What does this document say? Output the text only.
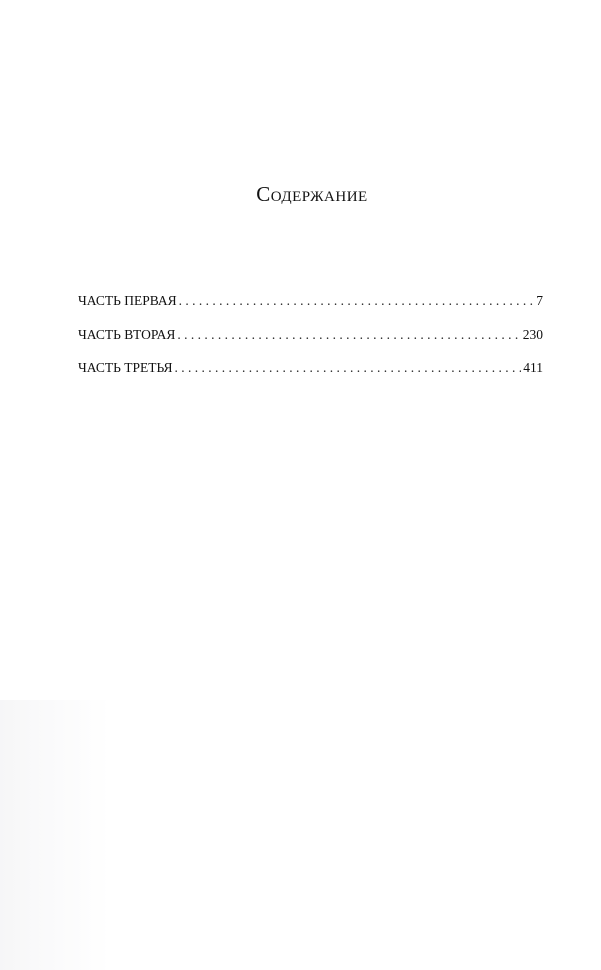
Содержание
ЧАСТЬ ПЕРВАЯ . . .	7
ЧАСТЬ ВТОРАЯ . . .	230
ЧАСТЬ ТРЕТЬЯ . . .	411
